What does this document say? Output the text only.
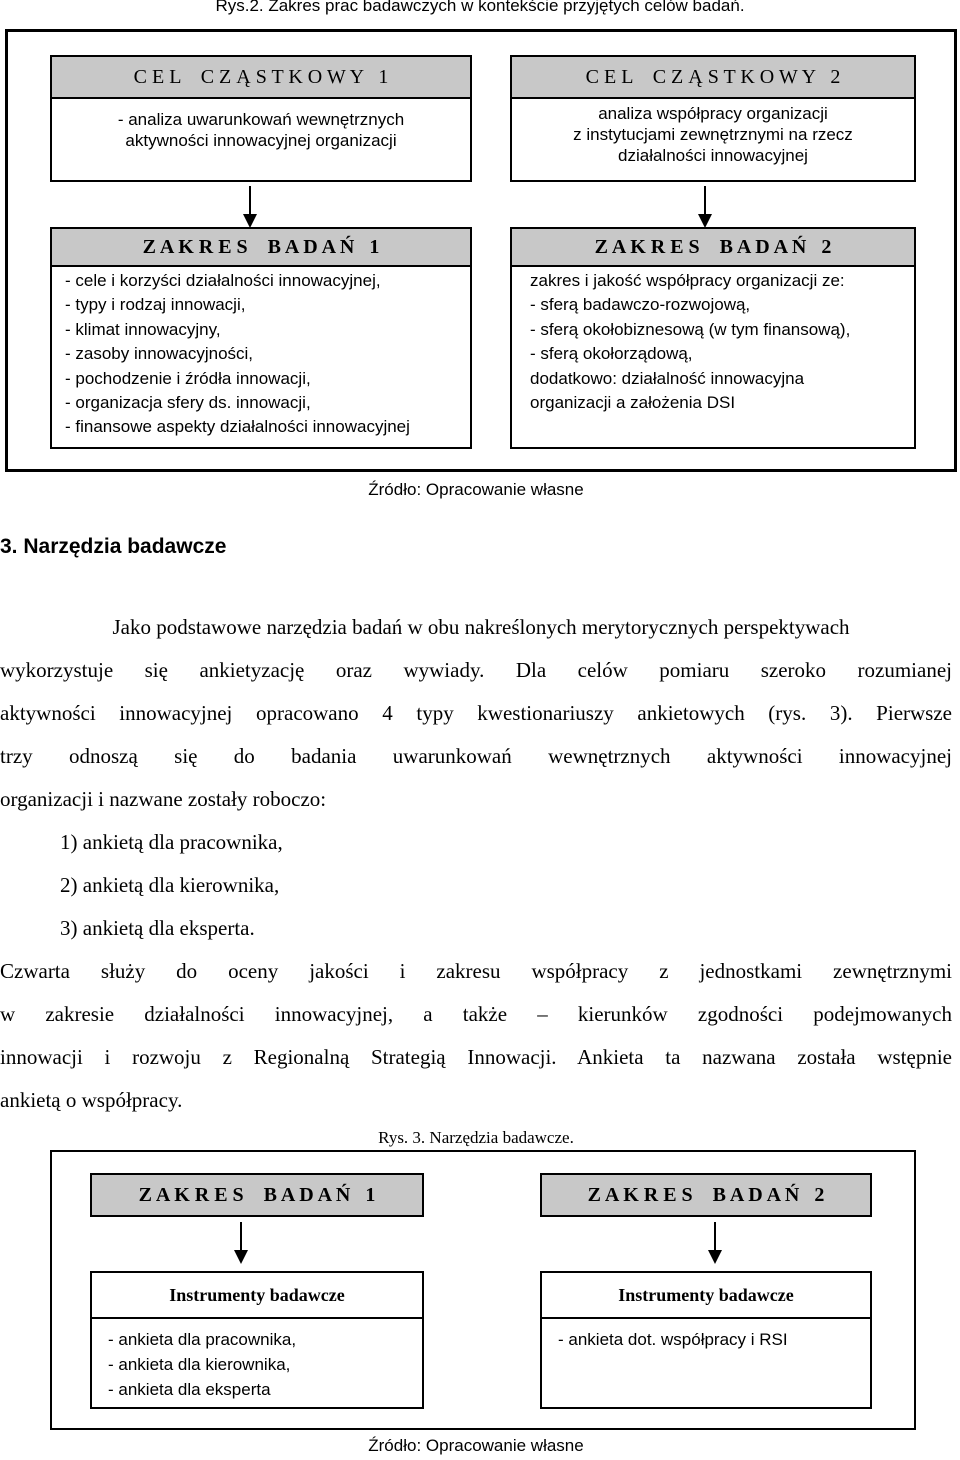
Rys.2. Zakres prac badawczych w kontekście przyjętych celów badań.
C E L    C Z Ą S T K O W Y   1
- analiza uwarunkowań wewnętrznych
aktywności innowacyjnej organizacji
C E L    C Z Ą S T K O W Y   2
analiza współpracy organizacji
z instytucjami zewnętrznymi na rzecz
działalności innowacyjnej
Z A K R E S    B A D A Ń   1
- cele i korzyści działalności innowacyjnej,
- typy i rodzaj innowacji,
- klimat innowacyjny,
- zasoby innowacyjności,
- pochodzenie i źródła innowacji,
- organizacja sfery ds. innowacji,
- finansowe aspekty działalności innowacyjnej
Z A K R E S    B A D A Ń   2
zakres i jakość współpracy organizacji ze:
- sferą badawczo-rozwojową,
- sferą okołobiznesową (w tym finansową),
- sferą okołorządową,
dodatkowo: działalność innowacyjna
organizacji a założenia DSI
Źródło: Opracowanie własne
3. Narzędzia badawcze
Jako podstawowe narzędzia badań w obu nakreślonych merytorycznych perspektywach
wykorzystuje się ankietyzację oraz wywiady. Dla celów pomiaru szeroko rozumianej
aktywności innowacyjnej opracowano 4 typy kwestionariuszy ankietowych (rys. 3). Pierwsze
trzy odnoszą się do badania uwarunkowań wewnętrznych aktywności innowacyjnej
organizacji i nazwane zostały roboczo:
1) ankietą dla pracownika,
2) ankietą dla kierownika,
3) ankietą dla eksperta.
Czwarta służy do oceny jakości i zakresu współpracy z jednostkami zewnętrznymi
w zakresie działalności innowacyjnej, a także – kierunków zgodności podejmowanych
innowacji i rozwoju z Regionalną Strategią Innowacji. Ankieta ta nazwana została wstępnie
ankietą o współpracy.
Rys. 3. Narzędzia badawcze.
Z A K R E S    B A D A Ń   1	Z A K R E S    B A D A Ń   2
Instrumenty badawcze
- ankieta dla pracownika,
- ankieta dla kierownika,
- ankieta dla eksperta
Instrumenty badawcze
- ankieta dot. współpracy i RSI
Źródło: Opracowanie własne
